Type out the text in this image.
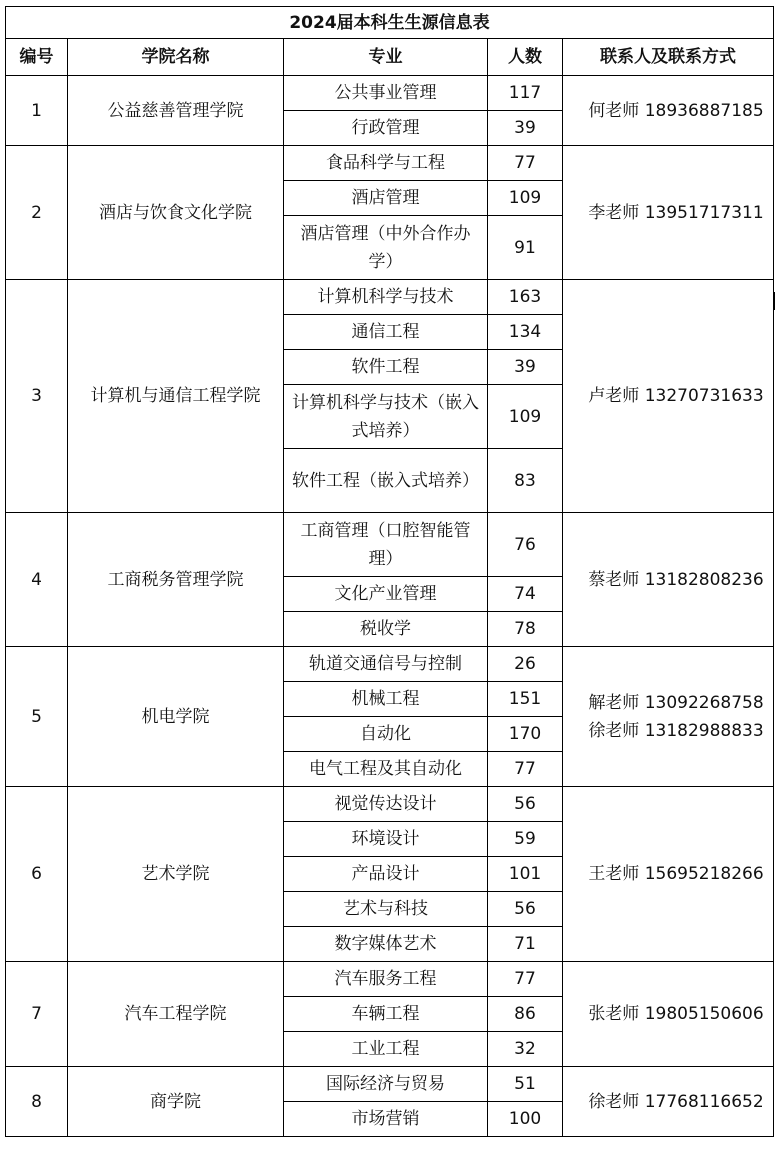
2024届本科生生源信息表				
编号	学院名称	专业	人数	联系人及联系方式
1	公益慈善管理学院	公共事业管理	117	何老师 18936887185

		行政管理	39	
2	酒店与饮食文化学院	食品科学与工程	77	李老师 13951717311

		酒店管理	109	
		酒店管理（中外合作办学）	91	
3	计算机与通信工程学院	计算机科学与技术	163	卢老师 13270731633

		通信工程	134	
		软件工程	39	
		计算机科学与技术（嵌入式培养）	109	
		软件工程（嵌入式培养）	83	
4	工商税务管理学院	工商管理（口腔智能管理）	76	蔡老师 13182808236

		文化产业管理	74	
		税收学	78	
5	机电学院	轨道交通信号与控制	26	解老师 13092268758
徐老师 13182988833

		机械工程	151	
		自动化	170	
		电气工程及其自动化	77	
6	艺术学院	视觉传达设计	56	王老师 15695218266

		环境设计	59	
		产品设计	101	
		艺术与科技	56	
		数字媒体艺术	71	
7	汽车工程学院	汽车服务工程	77	张老师 19805150606

		车辆工程	86	
		工业工程	32	
8	商学院	国际经济与贸易	51	徐老师 17768116652

		市场营销	100	
